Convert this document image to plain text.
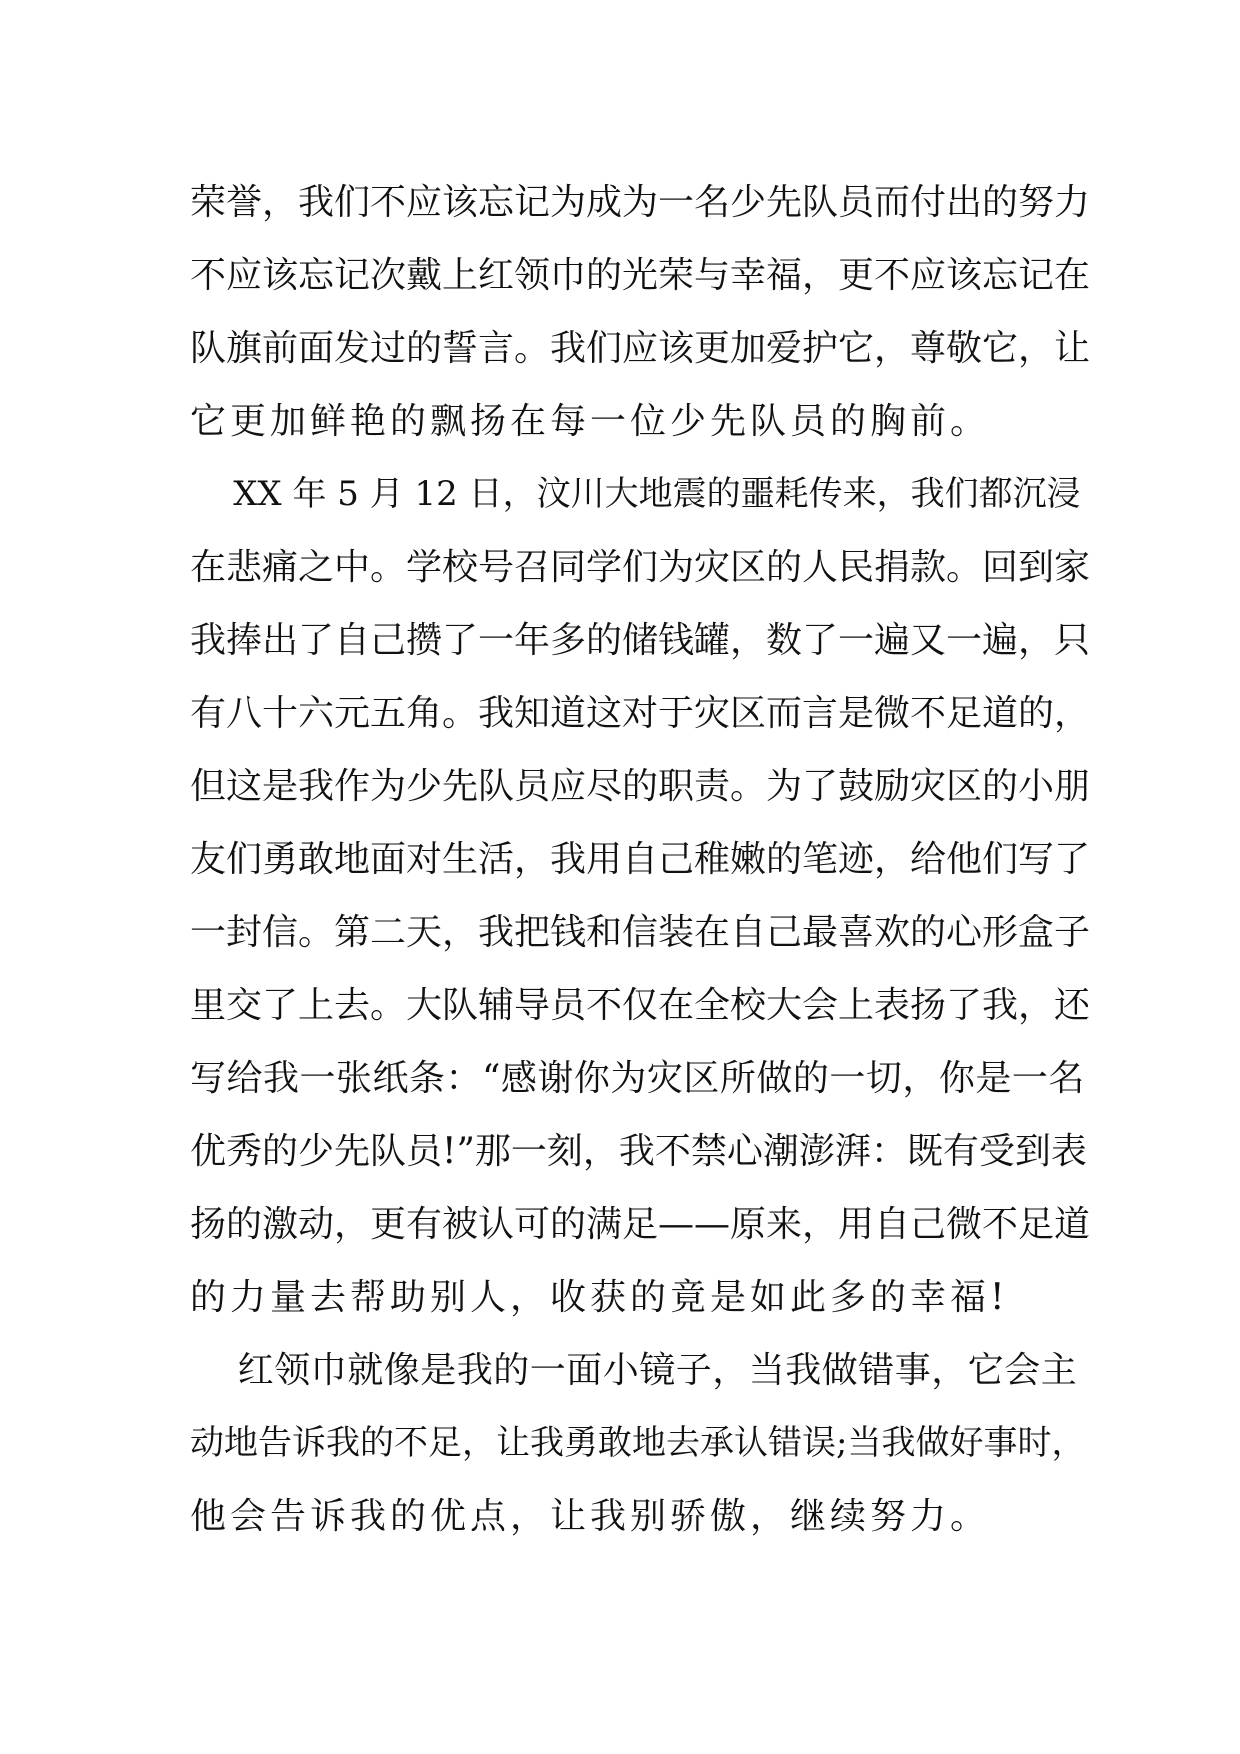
荣誉，我们不应该忘记为成为一名少先队员而付出的努力
不应该忘记次戴上红领巾的光荣与幸福，更不应该忘记在
队旗前面发过的誓言。我们应该更加爱护它，尊敬它，让
它更加鲜艳的飘扬在每一位少先队员的胸前。
XX 年 5 月 12 日，汶川大地震的噩耗传来，我们都沉浸
在悲痛之中。学校号召同学们为灾区的人民捐款。回到家
我捧出了自己攒了一年多的储钱罐，数了一遍又一遍，只
有八十六元五角。我知道这对于灾区而言是微不足道的，
但这是我作为少先队员应尽的职责。为了鼓励灾区的小朋
友们勇敢地面对生活，我用自己稚嫩的笔迹，给他们写了
一封信。第二天，我把钱和信装在自己最喜欢的心形盒子
里交了上去。大队辅导员不仅在全校大会上表扬了我，还
写给我一张纸条：“感谢你为灾区所做的一切，你是一名
优秀的少先队员!”那一刻，我不禁心潮澎湃：既有受到表
扬的激动，更有被认可的满足——原来，用自己微不足道
的力量去帮助别人，收获的竟是如此多的幸福!
红领巾就像是我的一面小镜子，当我做错事，它会主
动地告诉我的不足，让我勇敢地去承认错误;当我做好事时，
他会告诉我的优点，让我别骄傲，继续努力。
